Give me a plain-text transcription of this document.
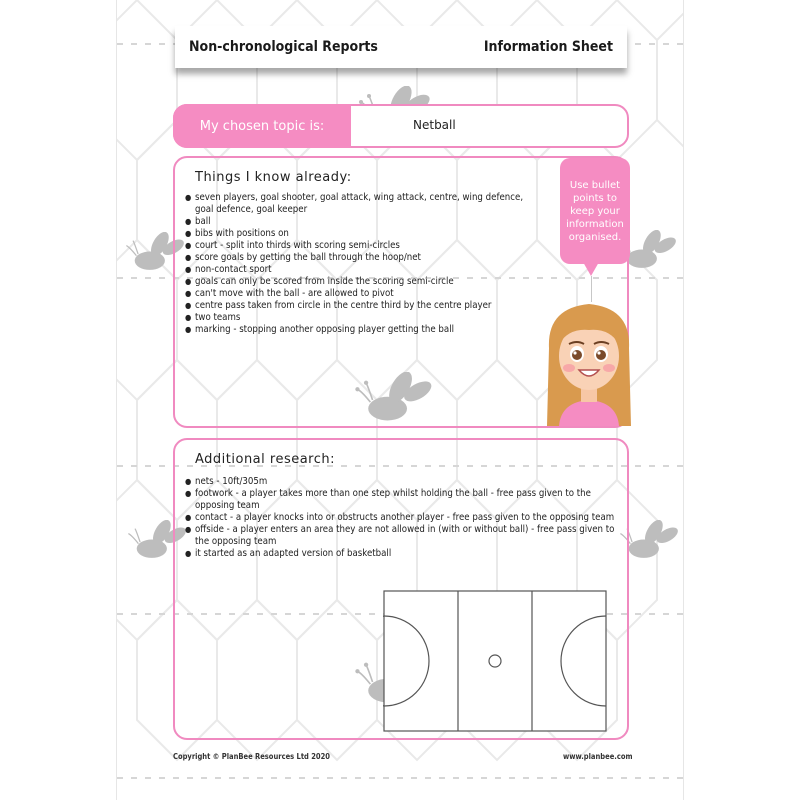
Non-chronological Reports	Information Sheet
My chosen topic is:	Netball
Things I know already:
● seven players, goal shooter, goal attack, wing attack, centre, wing defence, goal defence, goal keeper
● ball
● bibs with positions on
● court - split into thirds with scoring semi-circles
● score goals by getting the ball through the hoop/net
● non-contact sport
● goals can only be scored from inside the scoring semi-circle
● can't move with the ball - are allowed to pivot
● centre pass taken from circle in the centre third by the centre player
● two teams
● marking - stopping another opposing player getting the ball
Use bullet points to keep your information organised.
Additional research:
● nets - 10ft/305m
● footwork - a player takes more than one step whilst holding the ball - free pass given to the opposing team
● contact - a player knocks into or obstructs another player - free pass given to the opposing team
● offside - a player enters an area they are not allowed in (with or without ball) - free pass given to the opposing team
● it started as an adapted version of basketball
Copyright © PlanBee Resources Ltd 2020	www.planbee.com
